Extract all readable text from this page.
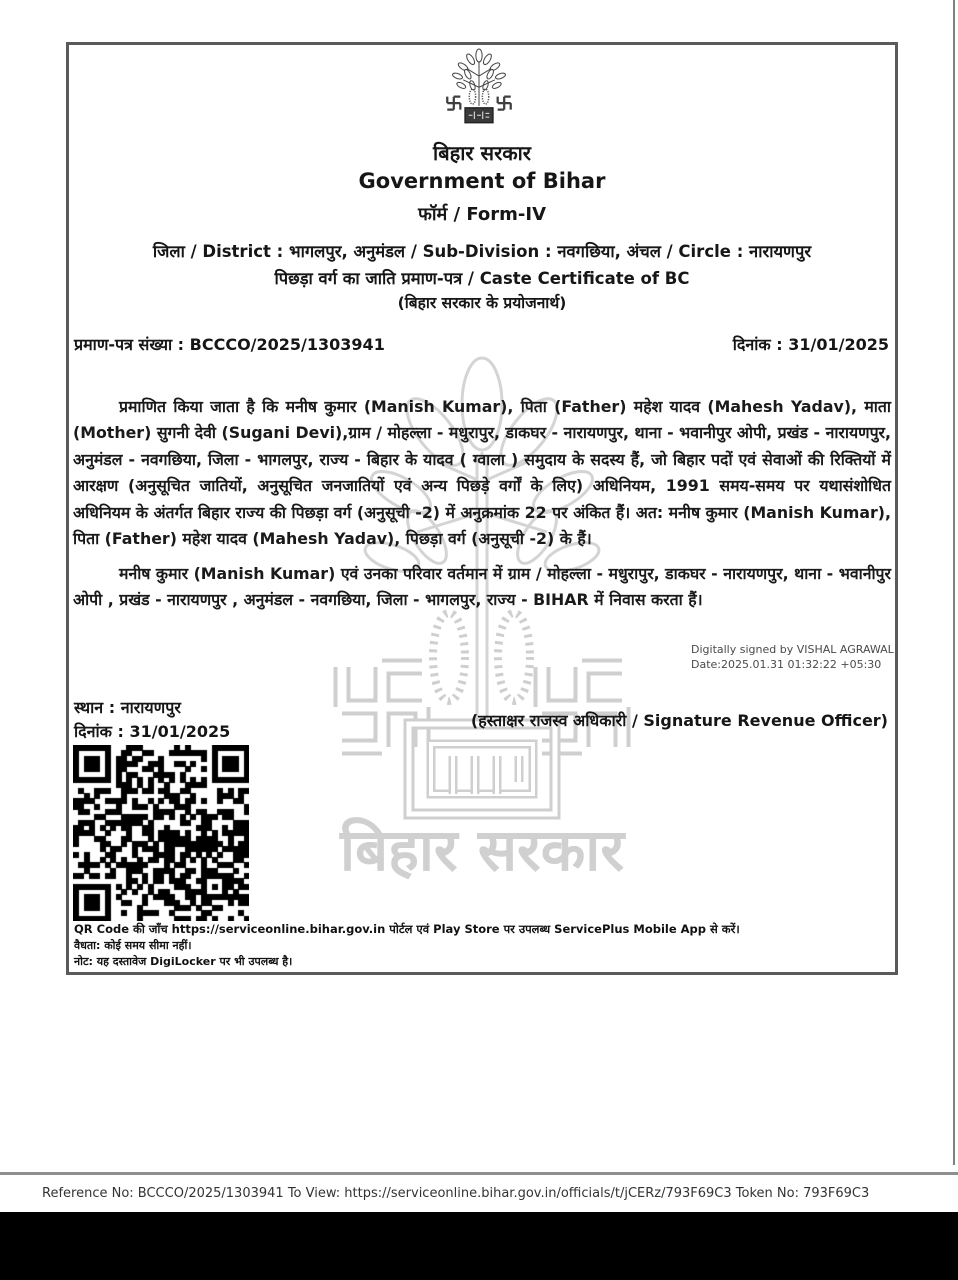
बिहार सरकार
बिहार सरकार
Government of Bihar
फॉर्म / Form-IV
जिला / District : भागलपुर, अनुमंडल / Sub-Division : नवगछिया, अंचल / Circle : नारायणपुर
पिछड़ा वर्ग का जाति प्रमाण-पत्र / Caste Certificate of BC
(बिहार सरकार के प्रयोजनार्थ)
प्रमाण-पत्र संख्या : BCCCO/2025/1303941	दिनांक : 31/01/2025
प्रमाणित किया जाता है कि मनीष कुमार (Manish Kumar), पिता (Father) महेश यादव (Mahesh Yadav), माता (Mother) सुगनी देवी (Sugani Devi),ग्राम / मोहल्ला - मधुरापुर, डाकघर - नारायणपुर, थाना - भवानीपुर ओपी, प्रखंड - नारायणपुर, अनुमंडल - नवगछिया, जिला - भागलपुर, राज्य - बिहार के यादव ( ग्वाला ) समुदाय के सदस्य हैं, जो बिहार पदों एवं सेवाओं की रिक्तियों में आरक्षण (अनुसूचित जातियों, अनुसूचित जनजातियों एवं अन्य पिछड़े वर्गों के लिए) अधिनियम, 1991 समय-समय पर यथासंशोधित अधिनियम के अंतर्गत बिहार राज्य की पिछड़ा वर्ग (अनुसूची -2) में अनुक्रमांक 22 पर अंकित हैं। अत: मनीष कुमार (Manish Kumar), पिता (Father) महेश यादव (Mahesh Yadav), पिछड़ा वर्ग (अनुसूची -2) के हैं।
मनीष कुमार (Manish Kumar) एवं उनका परिवार वर्तमान में ग्राम / मोहल्ला - मधुरापुर, डाकघर - नारायणपुर, थाना - भवानीपुर ओपी , प्रखंड - नारायणपुर , अनुमंडल - नवगछिया, जिला - भागलपुर, राज्य - BIHAR में निवास करता हैं।
Digitally signed by VISHAL AGRAWAL
Date:2025.01.31 01:32:22 +05:30
स्थान : नारायणपुर
दिनांक : 31/01/2025
(हस्ताक्षर राजस्व अधिकारी / Signature Revenue Officer)
QR Code की जाँच https://serviceonline.bihar.gov.in पोर्टल एवं Play Store पर उपलब्ध ServicePlus Mobile App से करें।
वैधता: कोई समय सीमा नहीं।
नोट: यह दस्तावेज DigiLocker पर भी उपलब्ध है।
Reference No: BCCCO/2025/1303941 To View: https://serviceonline.bihar.gov.in/officials/t/jCERz/793F69C3 Token No: 793F69C3
